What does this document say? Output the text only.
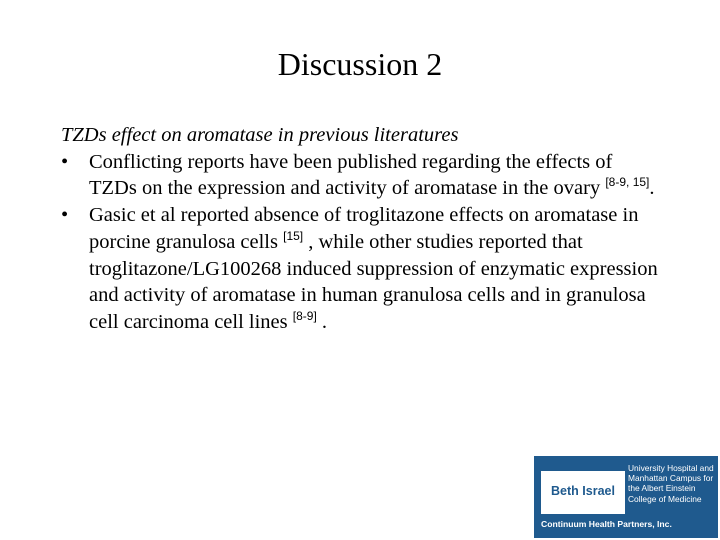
Discussion 2
TZDs effect on aromatase in previous literatures
•	Conflicting reports have been published regarding the effects of TZDs on the expression and activity of aromatase in the ovary [8-9, 15].
•	Gasic et al reported absence of troglitazone effects on aromatase in porcine granulosa cells [15] , while other studies reported that troglitazone/LG100268 induced suppression of enzymatic expression and activity of aromatase in human granulosa cells and in granulosa cell carcinoma cell lines [8-9] .
Beth Israel
University Hospital and Manhattan Campus for the Albert Einstein College of Medicine
Continuum Health Partners, Inc.
